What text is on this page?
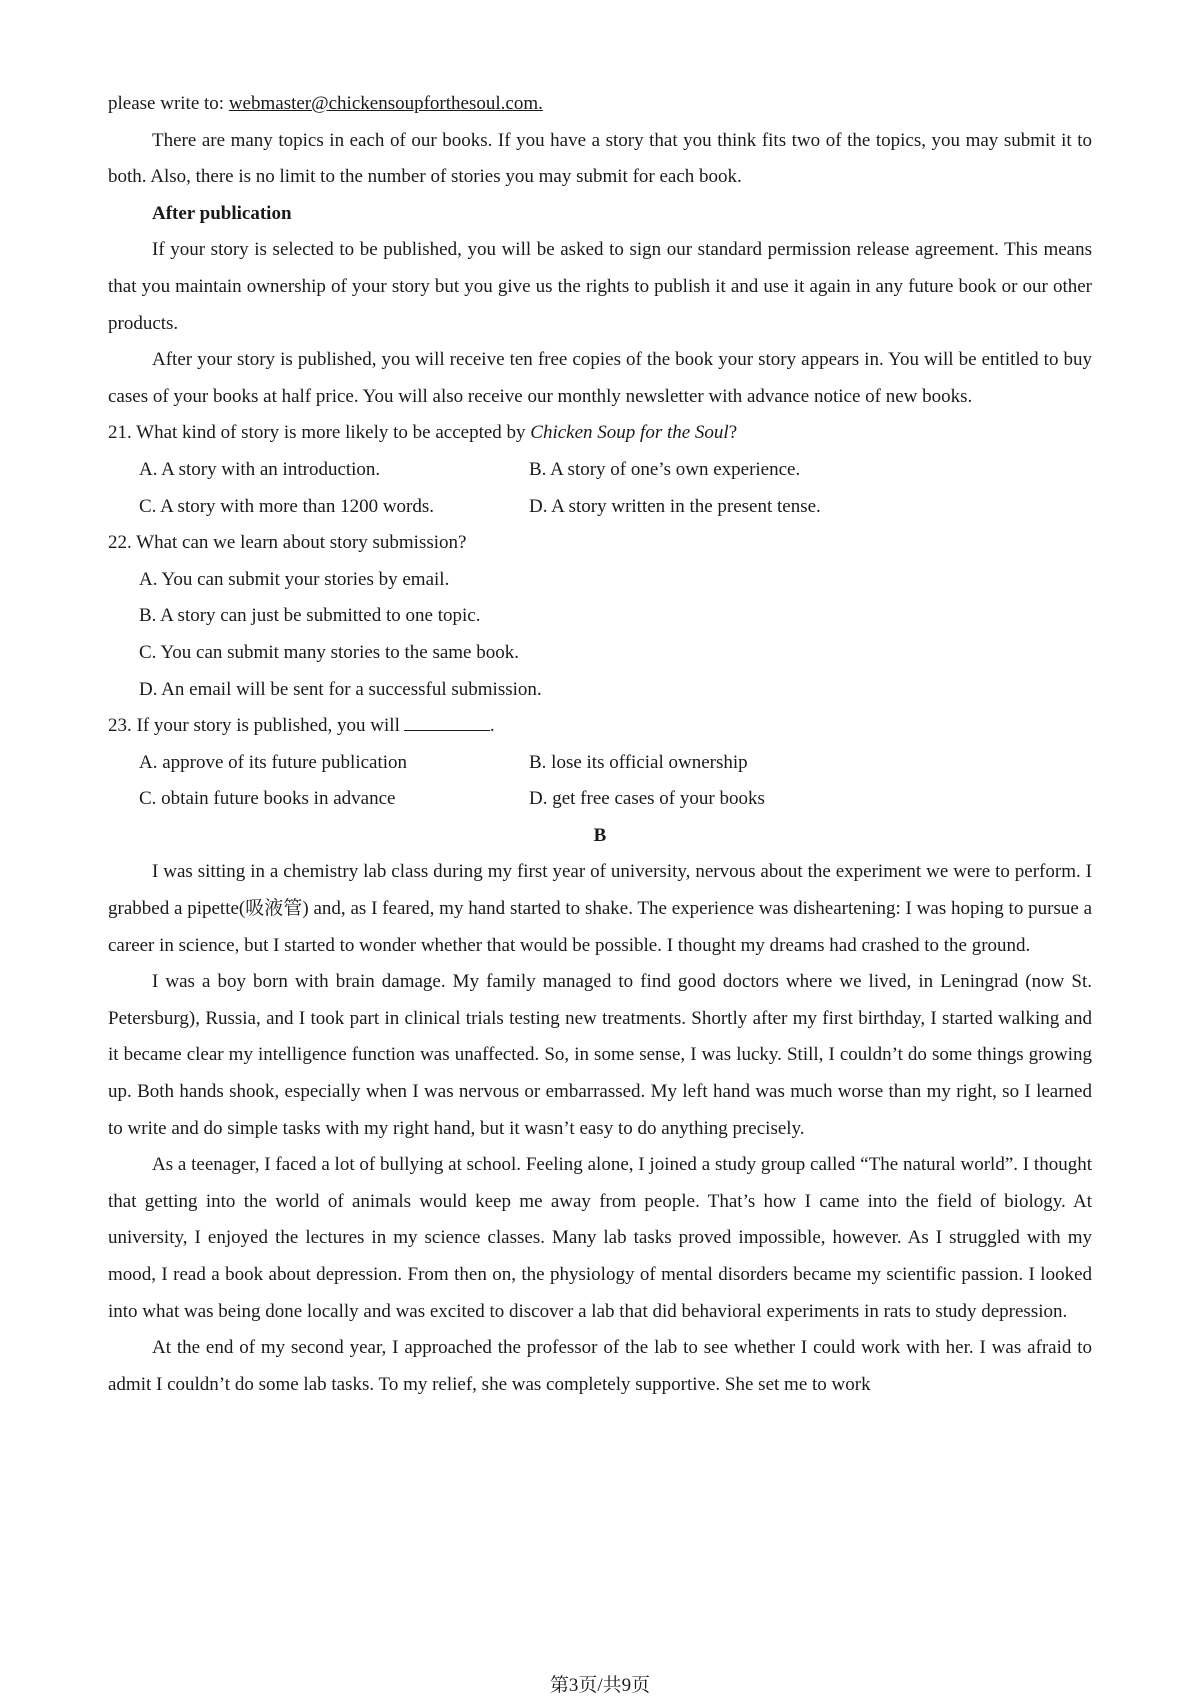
please write to: webmaster@chickensoupforthesoul.com.

There are many topics in each of our books. If you have a story that you think fits two of the topics, you may submit it to both. Also, there is no limit to the number of stories you may submit for each book.

After publication

If your story is selected to be published, you will be asked to sign our standard permission release agreement. This means that you maintain ownership of your story but you give us the rights to publish it and use it again in any future book or our other products.

After your story is published, you will receive ten free copies of the book your story appears in. You will be entitled to buy cases of your books at half price. You will also receive our monthly newsletter with advance notice of new books.

21. What kind of story is more likely to be accepted by Chicken Soup for the Soul?
A. A story with an introduction.	B. A story of one’s own experience.
C. A story with more than 1200 words.	D. A story written in the present tense.
22. What can we learn about story submission?
A. You can submit your stories by email.
B. A story can just be submitted to one topic.
C. You can submit many stories to the same book.
D. An email will be sent for a successful submission.
23. If your story is published, you will	.
A. approve of its future publication	B. lose its official ownership
C. obtain future books in advance	D. get free cases of your books
B

I was sitting in a chemistry lab class during my first year of university, nervous about the experiment we were to perform. I grabbed a pipette(吸液管) and, as I feared, my hand started to shake. The experience was disheartening: I was hoping to pursue a career in science, but I started to wonder whether that would be possible. I thought my dreams had crashed to the ground.

I was a boy born with brain damage. My family managed to find good doctors where we lived, in Leningrad (now St. Petersburg), Russia, and I took part in clinical trials testing new treatments. Shortly after my first birthday, I started walking and it became clear my intelligence function was unaffected. So, in some sense, I was lucky. Still, I couldn’t do some things growing up. Both hands shook, especially when I was nervous or embarrassed. My left hand was much worse than my right, so I learned to write and do simple tasks with my right hand, but it wasn’t easy to do anything precisely.

As a teenager, I faced a lot of bullying at school. Feeling alone, I joined a study group called “The natural world”. I thought that getting into the world of animals would keep me away from people. That’s how I came into the field of biology. At university, I enjoyed the lectures in my science classes. Many lab tasks proved impossible, however. As I struggled with my mood, I read a book about depression. From then on, the physiology of mental disorders became my scientific passion. I looked into what was being done locally and was excited to discover a lab that did behavioral experiments in rats to study depression.

At the end of my second year, I approached the professor of the lab to see whether I could work with her. I was afraid to admit I couldn’t do some lab tasks. To my relief, she was completely supportive. She set me to work

第3页/共9页
